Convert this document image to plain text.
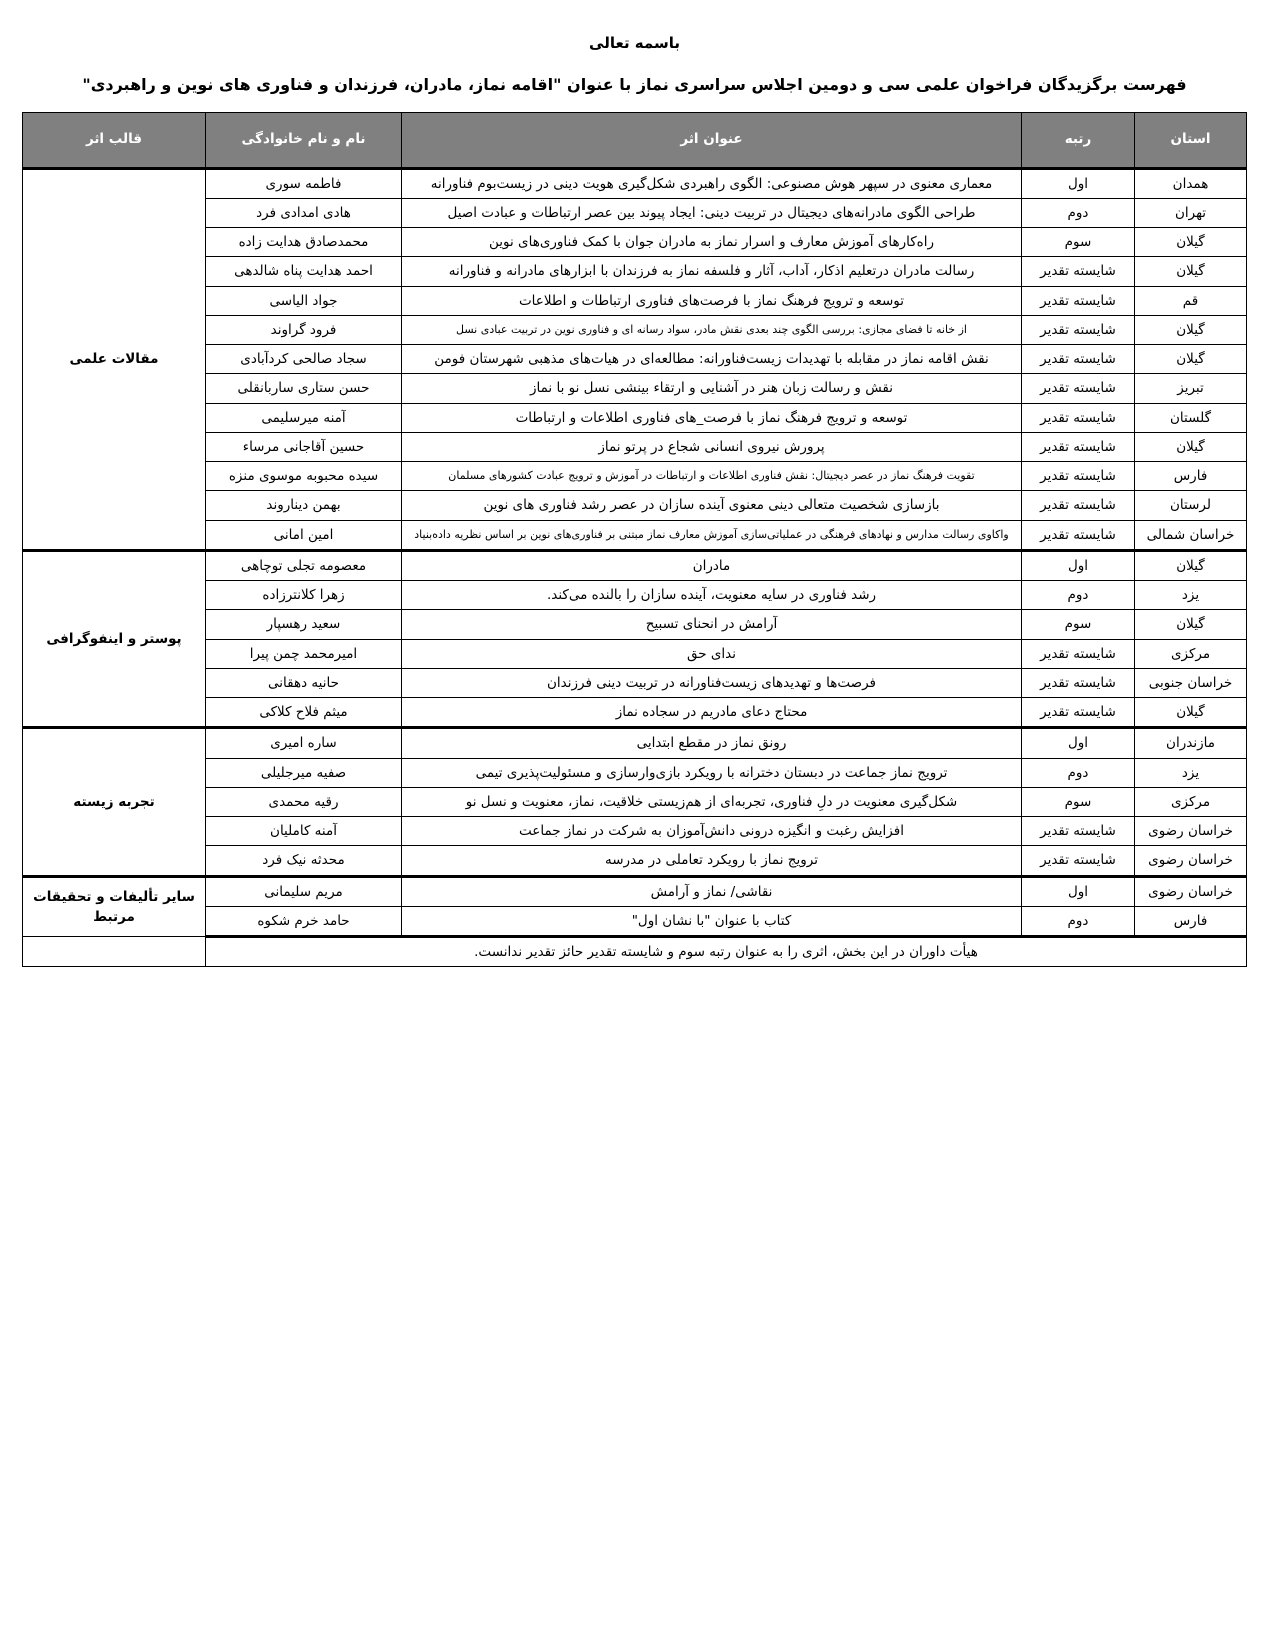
باسمه تعالی
فهرست برگزیدگان فراخوان علمی سی و دومین اجلاس سراسری نماز با عنوان "اقامه نماز، مادران، فرزندان و فناوری های نوین و راهبردی"
استان	رتبه	عنوان اثر	نام و نام خانوادگی	قالب اثر
همدان	اول	معماری معنوی در سپهر هوش مصنوعی: الگوی راهبردی شکل‌گیری هویت دینی در زیست‌بوم فناورانه	فاطمه سوری	مقالات علمی
تهران	دوم	طراحی الگوی مادرانه‌های دیجیتال در تربیت دینی: ایجاد پیوند بین عصر ارتباطات و عبادت اصیل	هادی امدادی فرد	
گیلان	سوم	راه‌کارهای آموزش معارف و اسرار نماز به مادران جوان با کمک فناوری‌های نوین	محمدصادق هدایت زاده	
گیلان	شایسته تقدیر	رسالت مادران درتعلیم اذکار، آداب، آثار و فلسفه نماز به فرزندان با ابزارهای مادرانه و فناورانه	احمد هدایت پناه شالدهی	
قم	شایسته تقدیر	توسعه و ترویج فرهنگ نماز با فرصت‌های فناوری ارتباطات و اطلاعات	جواد الیاسی	
گیلان	شایسته تقدیر	از خانه تا فضای مجازی: بررسی الگوی چند بعدی نقش مادر، سواد رسانه ای و فناوری نوین در تربیت عبادی نسل	فرود گراوند	
گیلان	شایسته تقدیر	نقش اقامه نماز در مقابله با تهدیدات زیست‌فناورانه: مطالعه‌ای در هیات‌های مذهبی شهرستان فومن	سجاد صالحی کردآبادی	
تبریز	شایسته تقدیر	نقش و رسالت زبان هنر در آشنایی و ارتقاء بینشی نسل نو با نماز	حسن ستاری ساربانقلی	
گلستان	شایسته تقدیر	توسعه و ترویج فرهنگ نماز با فرصت_های فناوری اطلاعات و ارتباطات	آمنه میرسلیمی	
گیلان	شایسته تقدیر	پرورش نیروی انسانی شجاع در پرتو نماز	حسین آقاجانی مرساء	
فارس	شایسته تقدیر	تقویت فرهنگ نماز در عصر دیجیتال: نقش فناوری اطلاعات و ارتباطات در آموزش و ترویج عبادت کشورهای مسلمان	سیده محبوبه موسوی منزه	
لرستان	شایسته تقدیر	بازسازی شخصیت متعالی دینی معنوی آینده سازان در عصر رشد فناوری های نوین	بهمن دیناروند	
خراسان شمالی	شایسته تقدیر	واکاوی رسالت مدارس و نهادهای فرهنگی در عملیاتی‌سازی آموزش معارف نماز مبتنی بر فناوری‌های نوین بر اساس نظریه داده‌بنیاد	امین امانی	
گیلان	اول	مادران	معصومه تجلی توچاهی	پوستر و اینفوگرافی
یزد	دوم	رشد فناوری در سایه معنویت، آینده سازان را بالنده می‌کند.	زهرا کلانترزاده	
گیلان	سوم	آرامش در انحنای تسبیح	سعید رهسپار	
مرکزی	شایسته تقدیر	ندای حق	امیرمحمد چمن پیرا	
خراسان جنوبی	شایسته تقدیر	فرصت‌ها و تهدیدهای زیست‌فناورانه در تربیت دینی فرزندان	حانیه دهقانی	
گیلان	شایسته تقدیر	محتاج دعای مادریم در سجاده نماز	میثم فلاح کلاکی	
مازندران	اول	رونق نماز در مقطع ابتدایی	ساره امیری	تجربه زیسته
یزد	دوم	ترویج نماز جماعت در دبستان دخترانه با رویکرد بازی‌وارسازی و مسئولیت‌پذیری تیمی	صفیه میرجلیلی	
مرکزی	سوم	شکل‌گیری معنویت در دلِ فناوری، تجربه‌ای از هم‌زیستی خلاقیت، نماز، معنویت و نسل نو	رقیه محمدی	
خراسان رضوی	شایسته تقدیر	افزایش رغبت و انگیزه درونی دانش‌آموزان به شرکت در نماز جماعت	آمنه کاملیان	
خراسان رضوی	شایسته تقدیر	ترویج نماز با رویکرد تعاملی در مدرسه	محدثه نیک فرد	
خراسان رضوی	اول	نقاشی/ نماز و آرامش	مریم سلیمانی	سایر تألیفات و تحقیقات مرتبط
فارس	دوم	کتاب با عنوان "با نشان اول"	حامد خرم شکوه	
هیأت داوران در این بخش، اثری را به عنوان رتبه سوم و شایسته تقدیر حائز تقدیر ندانست.				
